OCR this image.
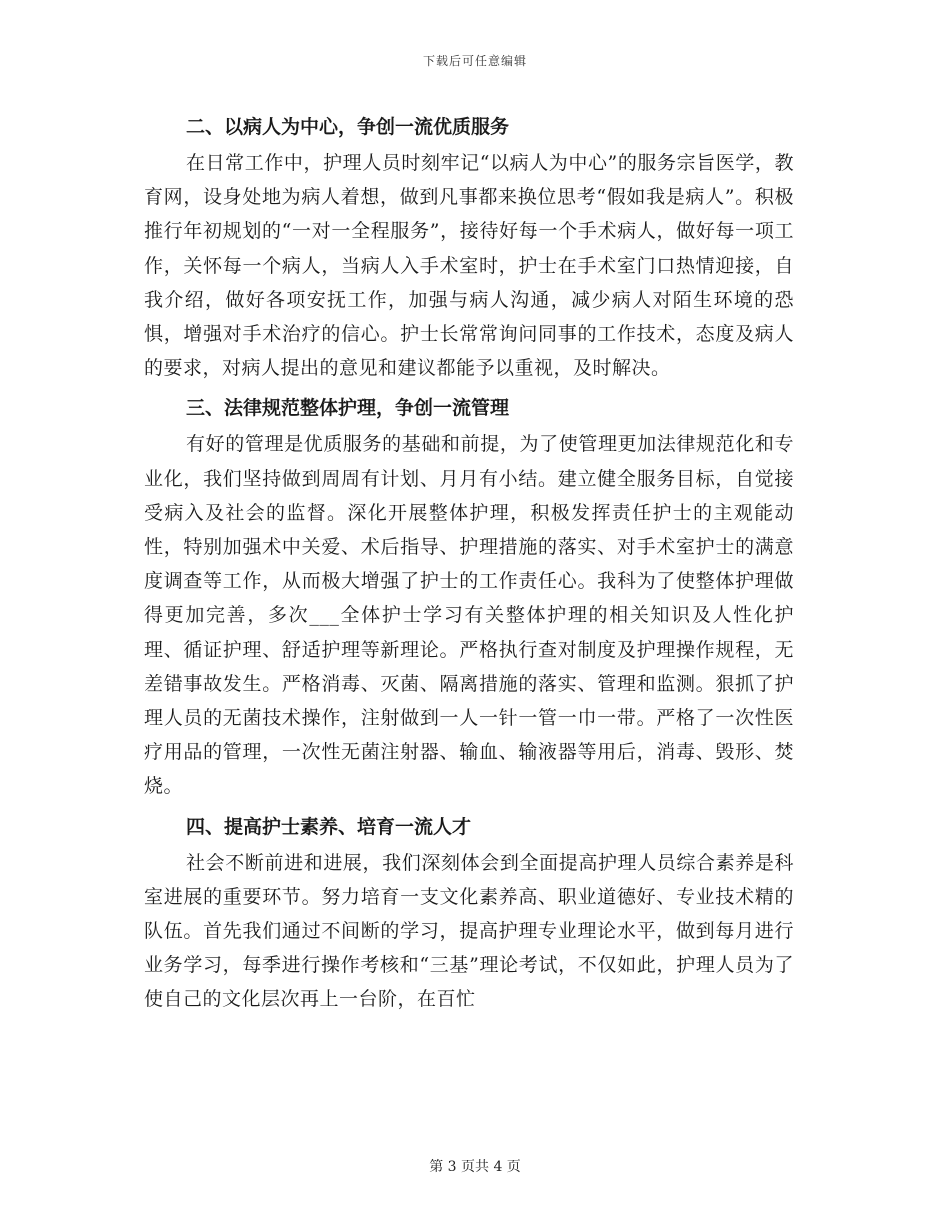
下载后可任意编辑
二、以病人为中心，争创一流优质服务

在日常工作中，护理人员时刻牢记“以病人为中心”的服务宗旨医学，教育网，设身处地为病人着想，做到凡事都来换位思考“假如我是病人”。积极推行年初规划的“一对一全程服务”，接待好每一个手术病人，做好每一项工作，关怀每一个病人，当病人入手术室时，护士在手术室门口热情迎接，自我介绍，做好各项安抚工作，加强与病人沟通，减少病人对陌生环境的恐惧，增强对手术治疗的信心。护士长常常询问同事的工作技术，态度及病人的要求，对病人提出的意见和建议都能予以重视，及时解决。

三、法律规范整体护理，争创一流管理

有好的管理是优质服务的基础和前提，为了使管理更加法律规范化和专业化，我们坚持做到周周有计划、月月有小结。建立健全服务目标，自觉接受病入及社会的监督。深化开展整体护理，积极发挥责任护士的主观能动性，特别加强术中关爱、术后指导、护理措施的落实、对手术室护士的满意度调查等工作，从而极大增强了护士的工作责任心。我科为了使整体护理做得更加完善，多次___全体护士学习有关整体护理的相关知识及人性化护理、循证护理、舒适护理等新理论。严格执行查对制度及护理操作规程，无差错事故发生。严格消毒、灭菌、隔离措施的落实、管理和监测。狠抓了护理人员的无菌技术操作，注射做到一人一针一管一巾一带。严格了一次性医疗用品的管理，一次性无菌注射器、输血、输液器等用后，消毒、毁形、焚烧。

四、提高护士素养、培育一流人才

社会不断前进和进展，我们深刻体会到全面提高护理人员综合素养是科室进展的重要环节。努力培育一支文化素养高、职业道德好、专业技术精的队伍。首先我们通过不间断的学习，提高护理专业理论水平，做到每月进行业务学习，每季进行操作考核和“三基”理论考试，不仅如此，护理人员为了使自己的文化层次再上一台阶，在百忙

第 3 页共 4 页
